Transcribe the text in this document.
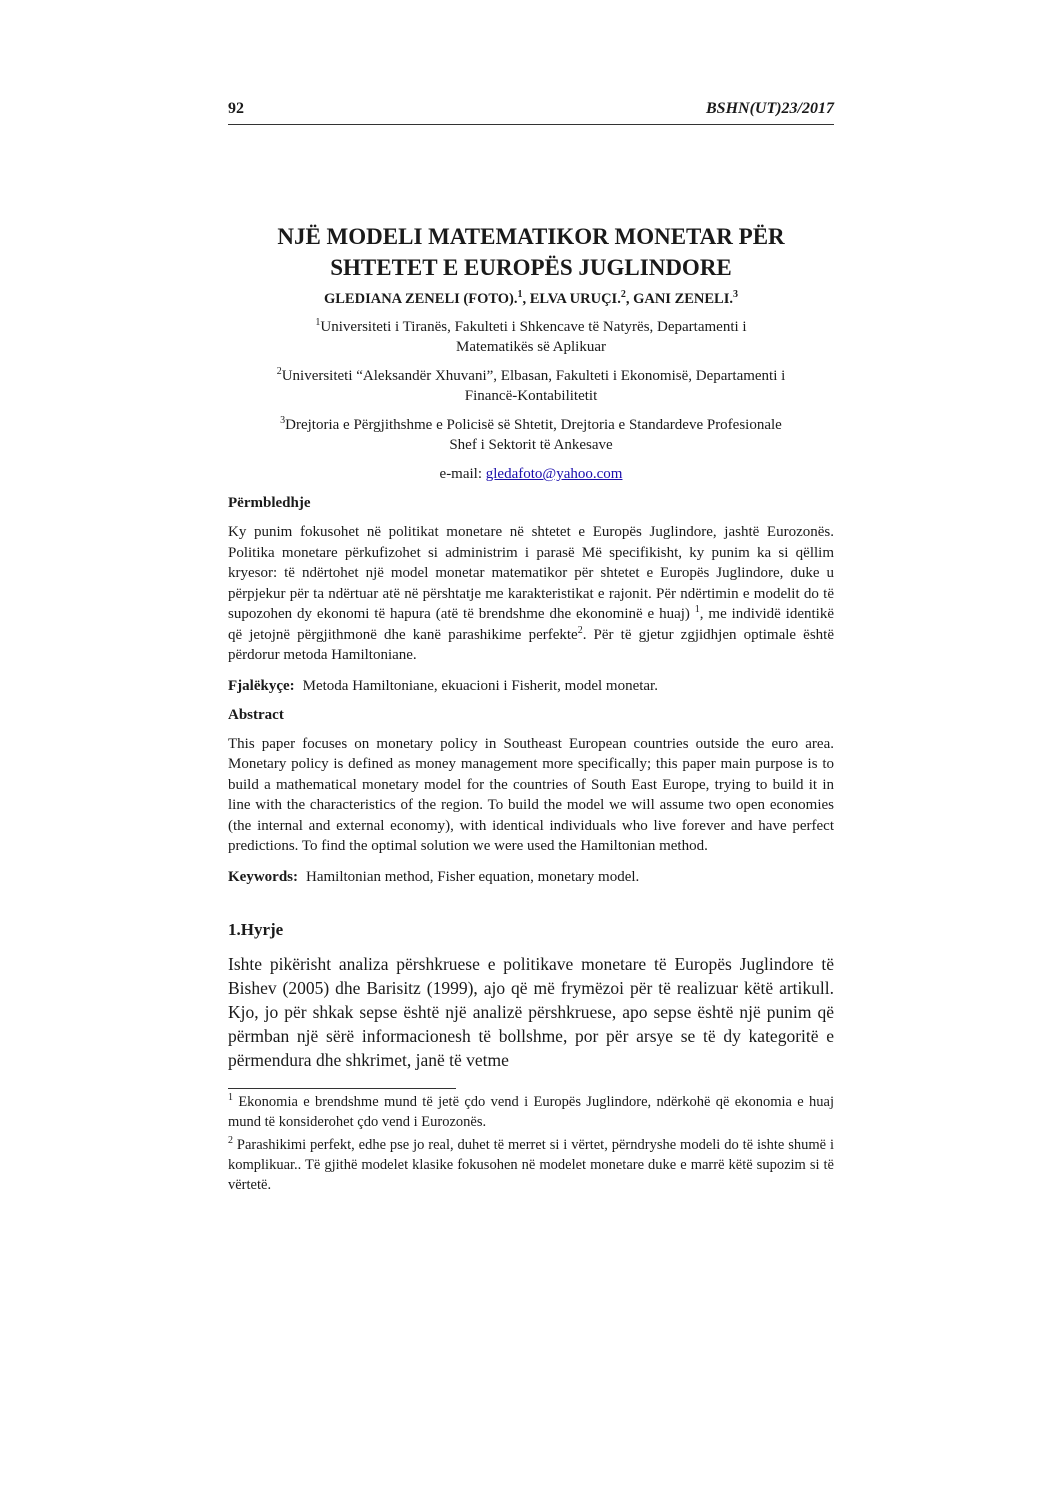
92	BSHN(UT)23/2017
NJË MODELI MATEMATIKOR MONETAR PËR
SHTETET E EUROPËS JUGLINDORE
GLEDIANA ZENELI (FOTO).$^1$, ELVA URUÇI.$^2$, GANI ZENELI.$^3$
$^1$Universiteti i Tiranës, Fakulteti i Shkencave të Natyrës, Departamenti i
Matematikës së Aplikuar
$^2$Universiteti “Aleksandër Xhuvani”, Elbasan, Fakulteti i Ekonomisë, Departamenti i
Financë-Kontabilitetit
$^3$Drejtoria e Përgjithshme e Policisë së Shtetit, Drejtoria e Standardeve Profesionale
Shef i Sektorit të Ankesave
e-mail: gledafoto@yahoo.com
Përmbledhje
Ky punim fokusohet në politikat monetare në shtetet e Europës Juglindore, jashtë Eurozonës. Politika monetare përkufizohet si administrim i parasë Më specifikisht, ky punim ka si qëllim kryesor: të ndërtohet një model monetar matematikor për shtetet e Europës Juglindore, duke u përpjekur për ta ndërtuar atë në përshtatje me karakteristikat e rajonit. Për ndërtimin e modelit do të supozohen dy ekonomi të hapura (atë të brendshme dhe ekonominë e huaj) $^1$, me individë identikë që jetojnë përgjithmonë dhe kanë parashikime perfekte$^2$. Për të gjetur zgjidhjen optimale është përdorur metoda Hamiltoniane.
Fjalëkyçe: Metoda Hamiltoniane, ekuacioni i Fisherit, model monetar.
Abstract
This paper focuses on monetary policy in Southeast European countries outside the euro area. Monetary policy is defined as money management more specifically; this paper main purpose is to build a mathematical monetary model for the countries of South East Europe, trying to build it in line with the characteristics of the region. To build the model we will assume two open economies (the internal and external economy), with identical individuals who live forever and have perfect predictions. To find the optimal solution we were used the Hamiltonian method.
Keywords: Hamiltonian method, Fisher equation, monetary model.
1.Hyrje
Ishte pikërisht analiza përshkruese e politikave monetare të Europës Juglindore të Bishev (2005) dhe Barisitz (1999), ajo që më frymëzoi për të realizuar këtë artikull. Kjo, jo për shkak sepse është një analizë përshkruese, apo sepse është një punim që përmban një sërë informacionesh të bollshme, por për arsye se të dy kategoritë e përmendura dhe shkrimet, janë të vetme
$^1$ Ekonomia e brendshme mund të jetë çdo vend i Europës Juglindore, ndërkohë që ekonomia e huaj mund të konsiderohet çdo vend i Eurozonës.
$^2$ Parashikimi perfekt, edhe pse jo real, duhet të merret si i vërtet, përndryshe modeli do të ishte shumë i komplikuar.. Të gjithë modelet klasike fokusohen në modelet monetare duke e marrë këtë supozim si të vërtetë.
